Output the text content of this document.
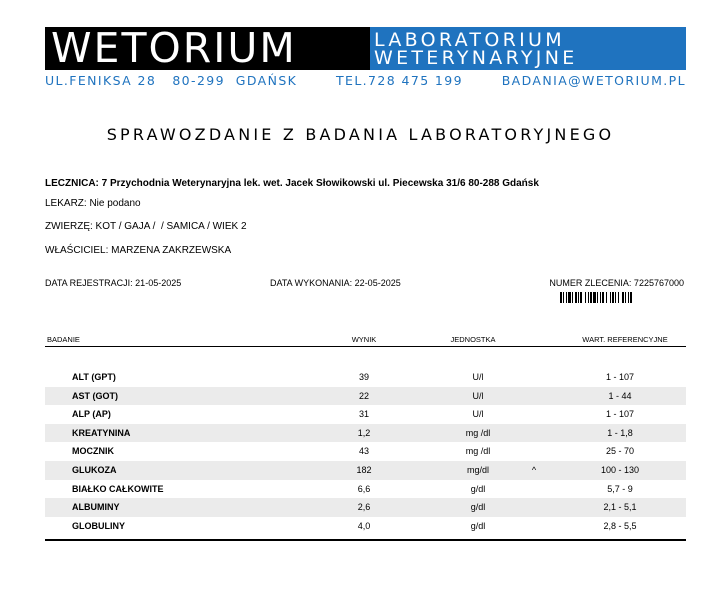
WETORIUM	LABORATORIUM
WETERYNARYJNE
UL.FENIKSA 28   80-299  GDAŃSK	TEL.728 475 199	BADANIA@WETORIUM.PL
SPRAWOZDANIE Z BADANIA LABORATORYJNEGO
LECZNICA: 7 Przychodnia Weterynaryjna lek. wet. Jacek Słowikowski ul. Piecewska 31/6 80-288 Gdańsk
LEKARZ: Nie podano
ZWIERZĘ: KOT / GAJA /  / SAMICA / WIEK 2
WŁAŚCICIEL: MARZENA ZAKRZEWSKA
DATA REJESTRACJI: 21-05-2025	DATA WYKONANIA: 22-05-2025	NUMER ZLECENIA: 7225767000
BADANIE	WYNIK	JEDNOSTKA	WART. REFERENCYJNE
ALT (GPT)	39	U/l	1 - 107
AST (GOT)	22	U/l	1 - 44
ALP (AP)	31	U/l	1 - 107
KREATYNINA	1,2	mg /dl	1 - 1,8
MOCZNIK	43	mg /dl	25 - 70
GLUKOZA	182	mg/dl	^	100 - 130
BIAŁKO CAŁKOWITE	6,6	g/dl	5,7 - 9
ALBUMINY	2,6	g/dl	2,1 - 5,1
GLOBULINY	4,0	g/dl	2,8 - 5,5
